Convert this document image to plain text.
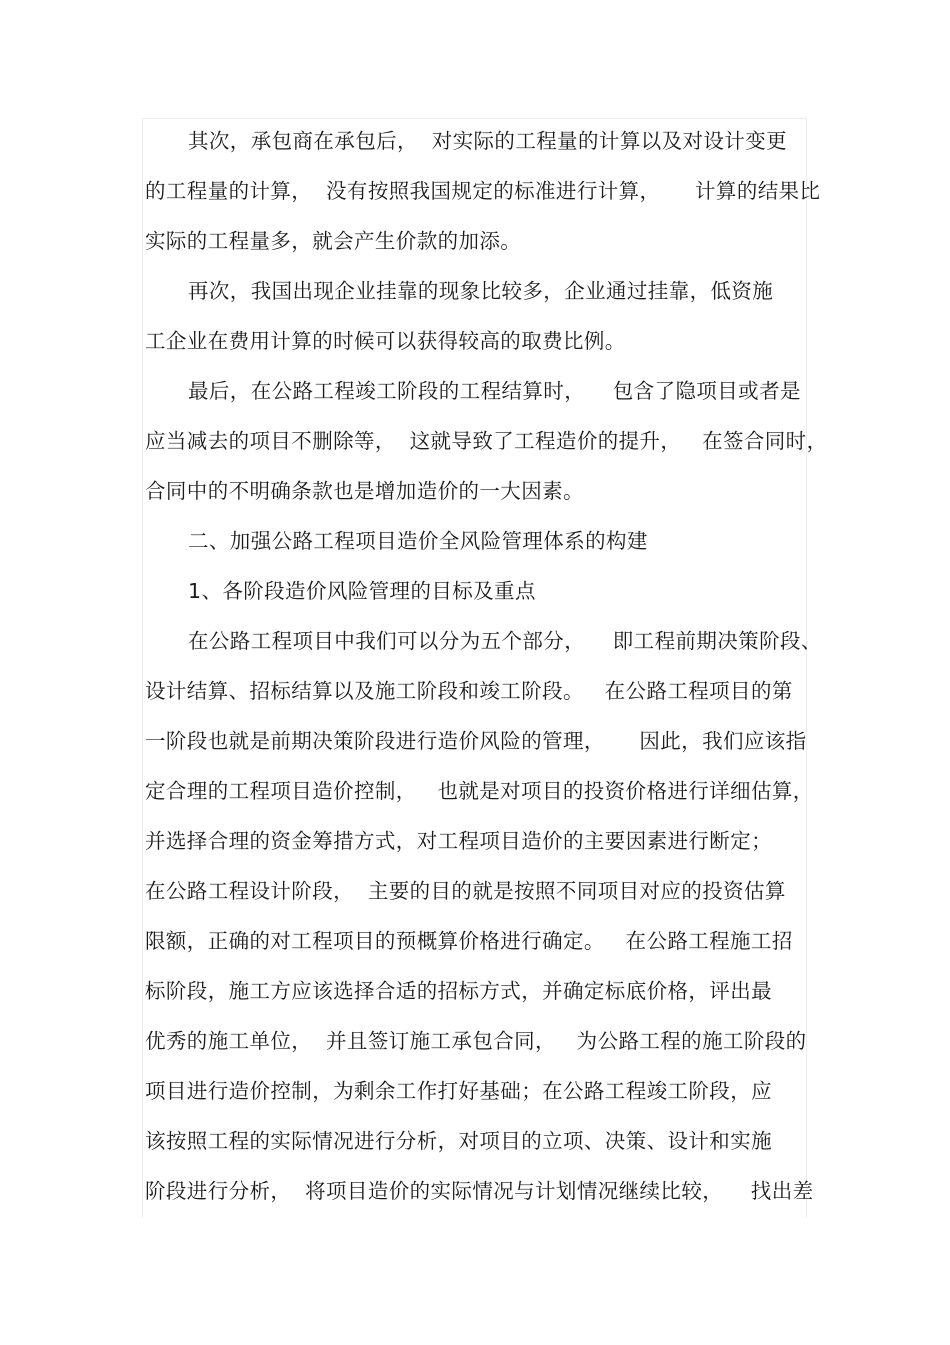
其次，承包商在承包后，  对实际的工程量的计算以及对设计变更

的工程量的计算，  没有按照我国规定的标准进行计算，     计算的结果比

实际的工程量多，就会产生价款的加添。

再次，我国出现企业挂靠的现象比较多，企业通过挂靠，低资施

工企业在费用计算的时候可以获得较高的取费比例。

最后，在公路工程竣工阶段的工程结算时，    包含了隐项目或者是

应当减去的项目不删除等，  这就导致了工程造价的提升，   在签合同时，

合同中的不明确条款也是增加造价的一大因素。

二、加强公路工程项目造价全风险管理体系的构建

1、各阶段造价风险管理的目标及重点

在公路工程项目中我们可以分为五个部分，    即工程前期决策阶段、

设计结算、招标结算以及施工阶段和竣工阶段。   在公路工程项目的第

一阶段也就是前期决策阶段进行造价风险的管理，     因此，我们应该指

定合理的工程项目造价控制，   也就是对项目的投资价格进行详细估算，

并选择合理的资金筹措方式，对工程项目造价的主要因素进行断定；

在公路工程设计阶段，  主要的目的就是按照不同项目对应的投资估算

限额，正确的对工程项目的预概算价格进行确定。   在公路工程施工招

标阶段，施工方应该选择合适的招标方式，并确定标底价格，评出最

优秀的施工单位，  并且签订施工承包合同，   为公路工程的施工阶段的

项目进行造价控制，为剩余工作打好基础；在公路工程竣工阶段，应

该按照工程的实际情况进行分析，对项目的立项、决策、设计和实施

阶段进行分析，  将项目造价的实际情况与计划情况继续比较，    找出差
